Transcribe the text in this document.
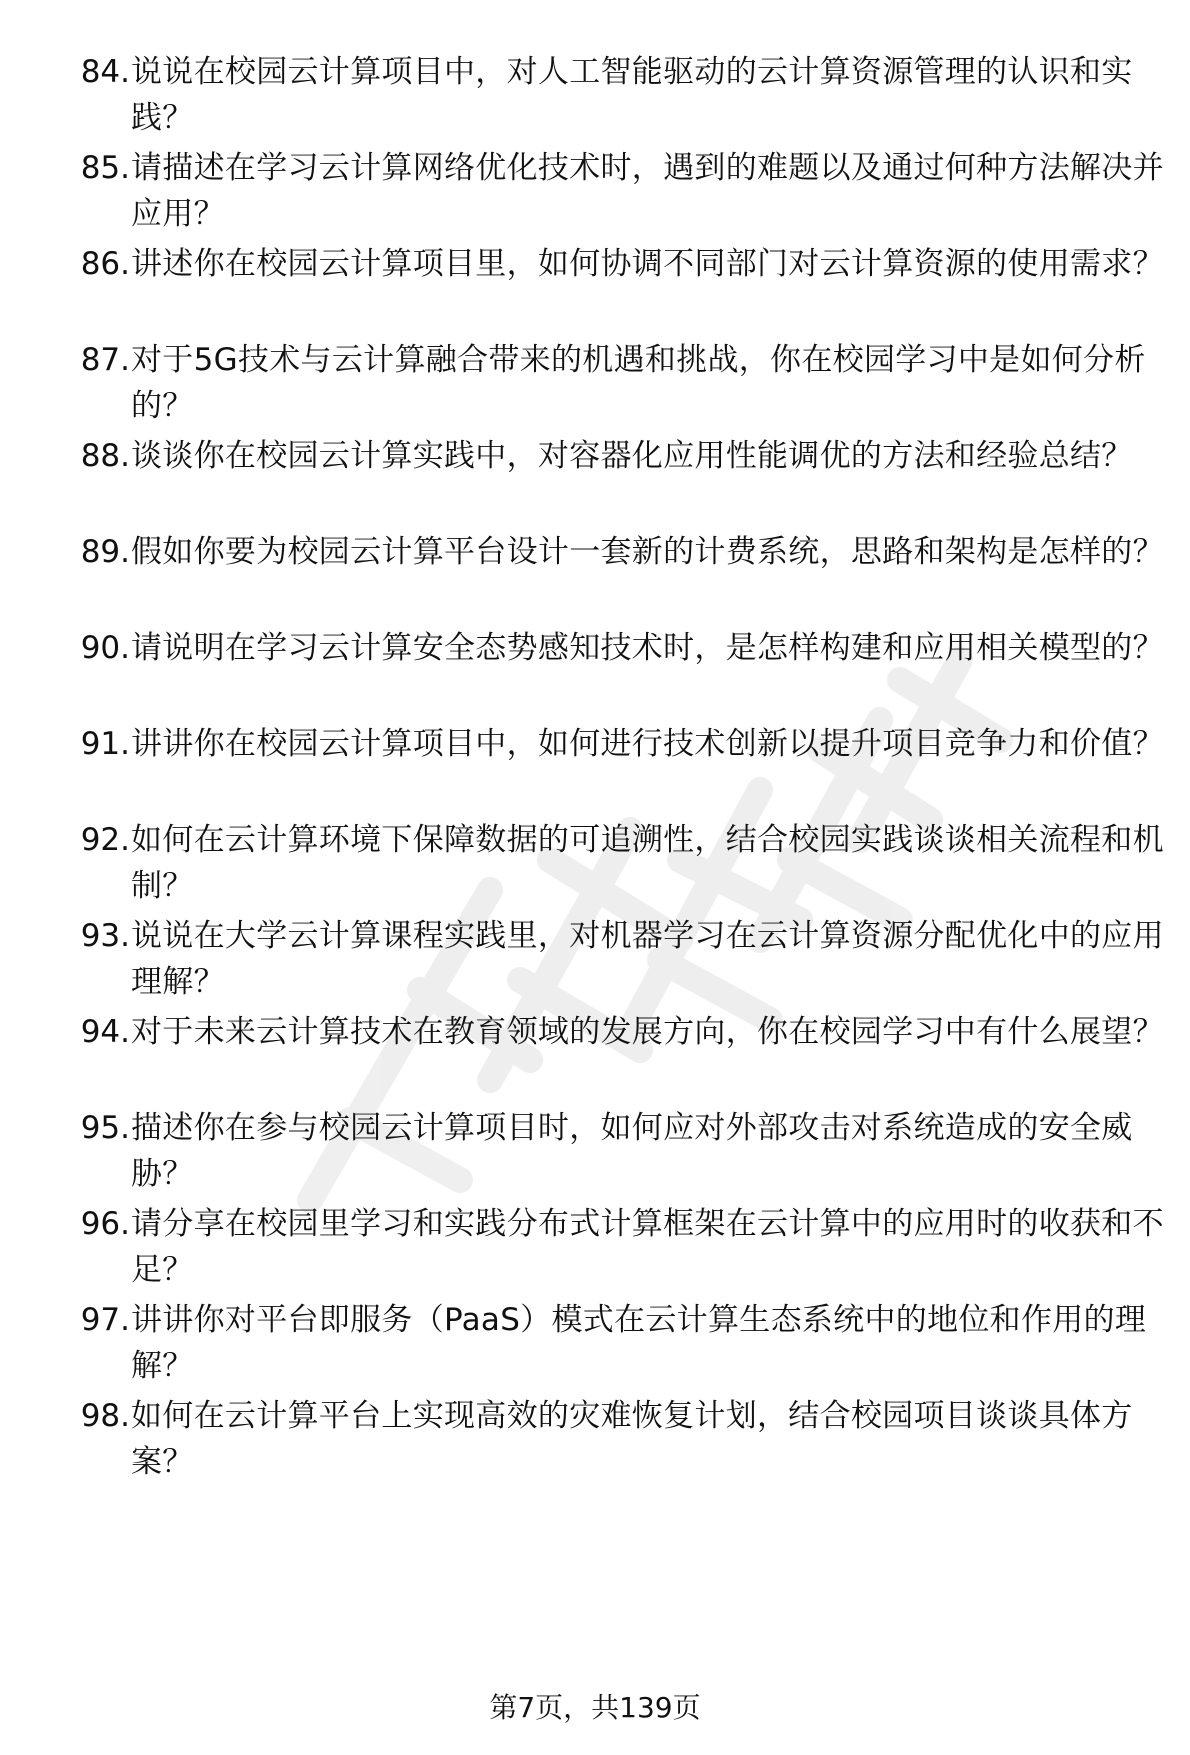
84. 说说在校园云计算项目中，对人工智能驱动的云计算资源管理的认识和实践？
85. 请描述在学习云计算网络优化技术时，遇到的难题以及通过何种方法解决并应用？
86. 讲述你在校园云计算项目里，如何协调不同部门对云计算资源的使用需求？
87. 对于5G技术与云计算融合带来的机遇和挑战，你在校园学习中是如何分析的？
88. 谈谈你在校园云计算实践中，对容器化应用性能调优的方法和经验总结？
89. 假如你要为校园云计算平台设计一套新的计费系统，思路和架构是怎样的？
90. 请说明在学习云计算安全态势感知技术时，是怎样构建和应用相关模型的？
91. 讲讲你在校园云计算项目中，如何进行技术创新以提升项目竞争力和价值？
92. 如何在云计算环境下保障数据的可追溯性，结合校园实践谈谈相关流程和机制？
93. 说说在大学云计算课程实践里，对机器学习在云计算资源分配优化中的应用理解？
94. 对于未来云计算技术在教育领域的发展方向，你在校园学习中有什么展望？
95. 描述你在参与校园云计算项目时，如何应对外部攻击对系统造成的安全威胁？
96. 请分享在校园里学习和实践分布式计算框架在云计算中的应用时的收获和不足？
97. 讲讲你对平台即服务（PaaS）模式在云计算生态系统中的地位和作用的理解？
98. 如何在云计算平台上实现高效的灾难恢复计划，结合校园项目谈谈具体方案？
第7页，共139页
